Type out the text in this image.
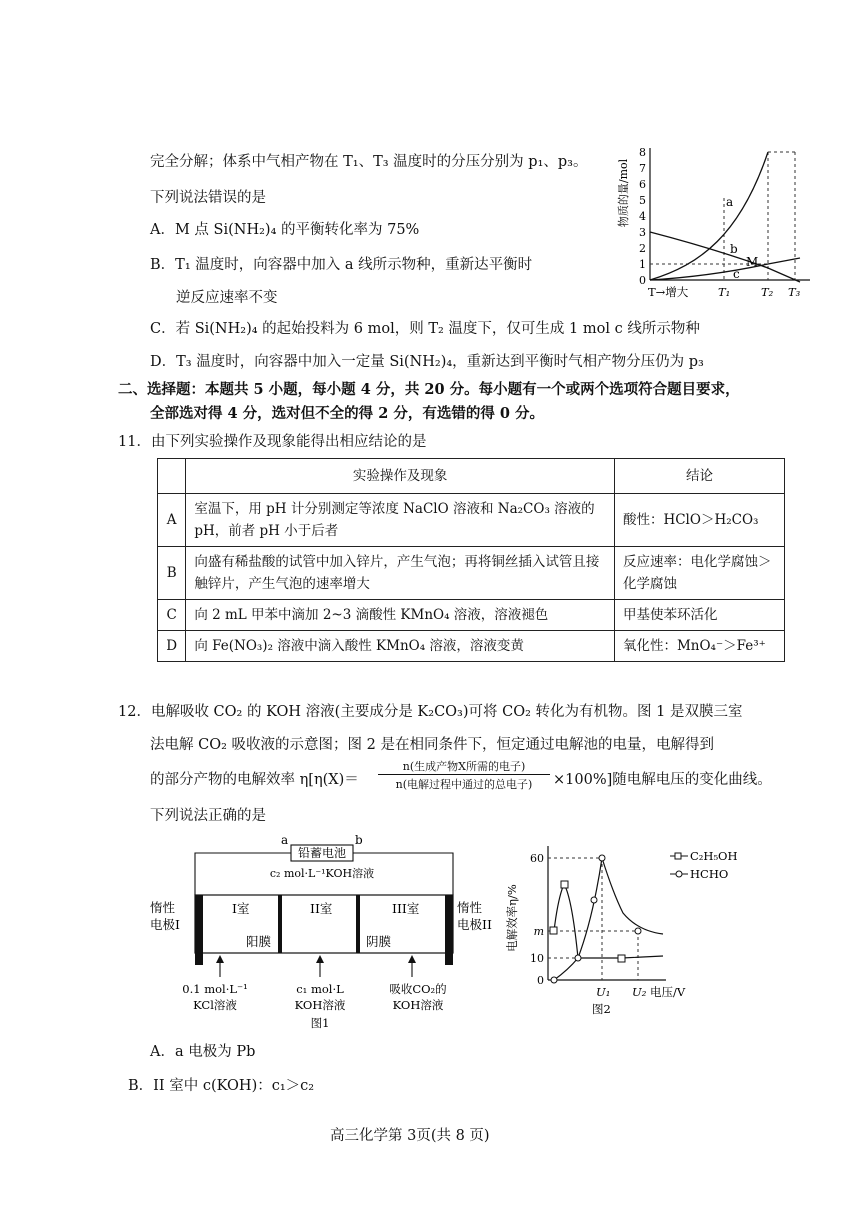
完全分解；体系中气相产物在 T₁、T₃ 温度时的分压分别为 p₁、p₃。
下列说法错误的是
A．M 点 Si(NH₂)₄ 的平衡转化率为 75%
B．T₁ 温度时，向容器中加入 a 线所示物种，重新达平衡时
逆反应速率不变
C．若 Si(NH₂)₄ 的起始投料为 6 mol，则 T₂ 温度下，仅可生成 1 mol c 线所示物种
D．T₃ 温度时，向容器中加入一定量 Si(NH₂)₄，重新达到平衡时气相产物分压仍为 p₃
物质的量/mol
0
1
2
3
4
5
6
7
8
a
b
c
M
T→增大	T₁	T₂ T₃
二、选择题：本题共 5 小题，每小题 4 分，共 20 分。每小题有一个或两个选项符合题目要求，
全部选对得 4 分，选对但不全的得 2 分，有选错的得 0 分。
11．由下列实验操作及现象能得出相应结论的是
	实验操作及现象	结论
A	室温下，用 pH 计分别测定等浓度 NaClO 溶液和 Na₂CO₃ 溶液的 pH，前者 pH 小于后者	酸性：HClO＞H₂CO₃
B	向盛有稀盐酸的试管中加入锌片，产生气泡；再将铜丝插入试管且接触锌片，产生气泡的速率增大	反应速率：电化学腐蚀＞化学腐蚀
C	向 2 mL 甲苯中滴加 2~3 滴酸性 KMnO₄ 溶液，溶液褪色	甲基使苯环活化
D	向 Fe(NO₃)₂ 溶液中滴入酸性 KMnO₄ 溶液，溶液变黄	氧化性：MnO₄⁻＞Fe³⁺
12．电解吸收 CO₂ 的 KOH 溶液(主要成分是 K₂CO₃)可将 CO₂ 转化为有机物。图 1 是双膜三室
法电解 CO₂ 吸收液的示意图；图 2 是在相同条件下，恒定通过电解池的电量，电解得到
的部分产物的电解效率 η[η(X)＝
n(生成产物X所需的电子)
n(电解过程中通过的总电子)	×100%]随电解电压的变化曲线。
下列说法正确的是
a	b
铅蓄电池
c₂ mol·L⁻¹KOH溶液
惰性
电极I
惰性
电极II
I室	II室	III室
阳膜	阴膜
0.1 mol·L⁻¹
KCl溶液
c₁ mol·L
KOH溶液
吸收CO₂的
KOH溶液
图1
电解效率η/%
60
m
10
0
C₂H₅OH
HCHO
U₁ U₂ 电压/V
图2
A．a 电极为 Pb
B．II 室中 c(KOH)：c₁＞c₂
高三化学第 3页(共 8 页)
